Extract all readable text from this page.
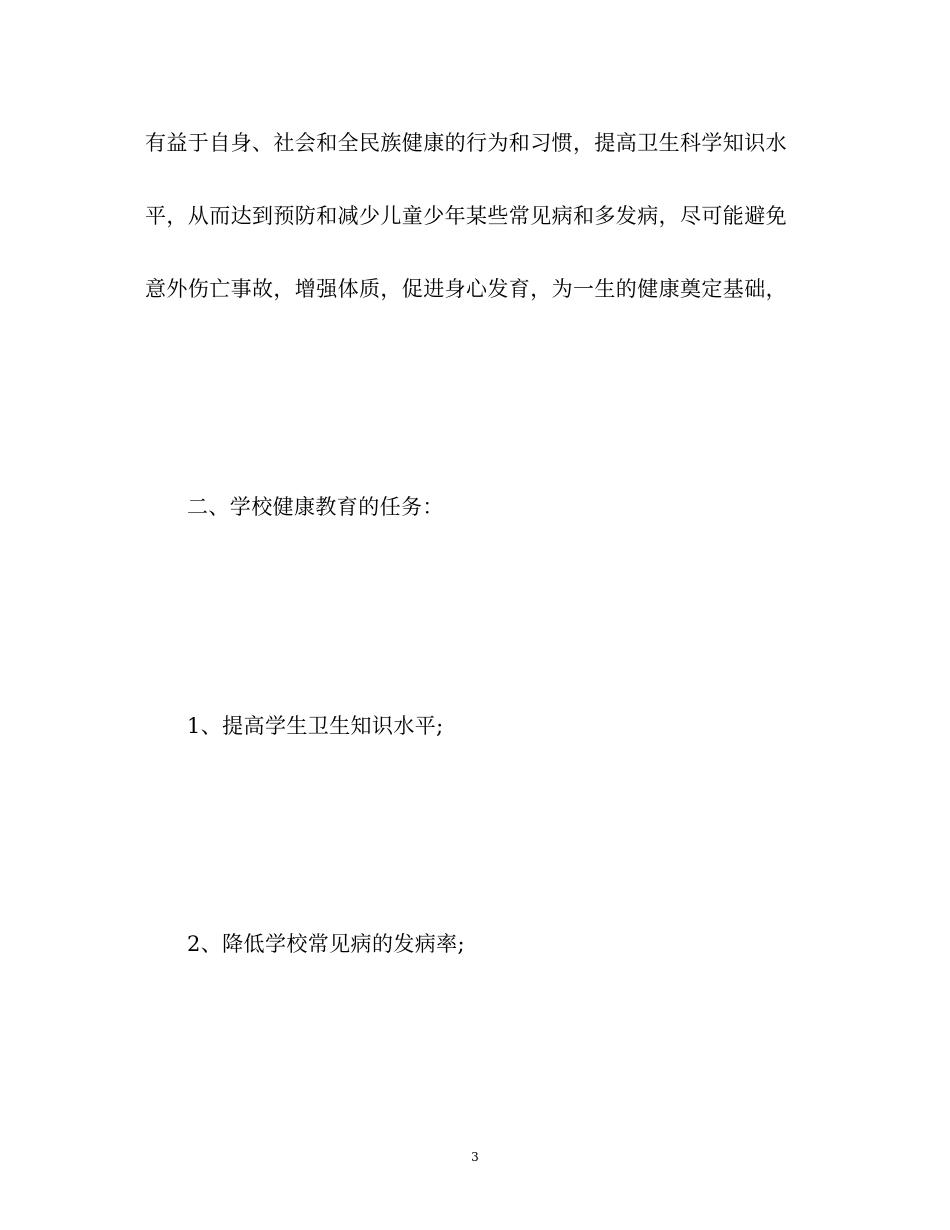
有益于自身、社会和全民族健康的行为和习惯，提高卫生科学知识水
平，从而达到预防和减少儿童少年某些常见病和多发病，尽可能避免
意外伤亡事故，增强体质，促进身心发育，为一生的健康奠定基础，
二、学校健康教育的任务：
1、提高学生卫生知识水平;
2、降低学校常见病的发病率;
3
